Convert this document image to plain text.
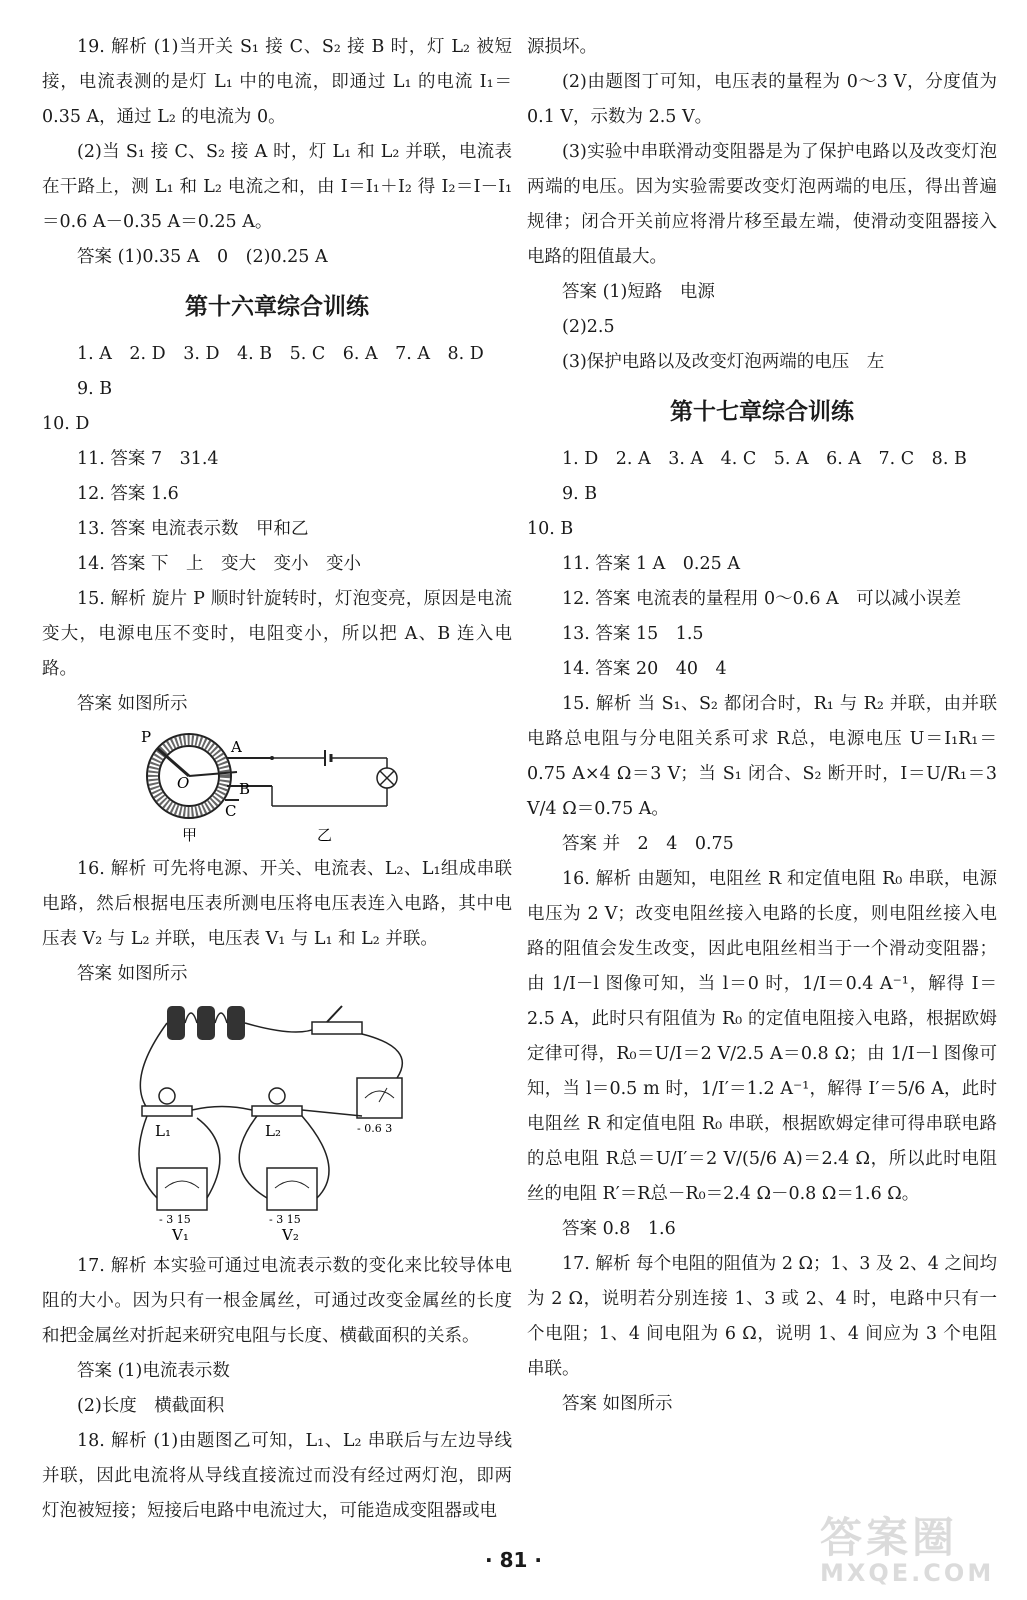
19. 解析 (1)当开关 S₁ 接 C、S₂ 接 B 时，灯 L₂ 被短接，电流表测的是灯 L₁ 中的电流，即通过 L₁ 的电流 I₁＝0.35 A，通过 L₂ 的电流为 0。

(2)当 S₁ 接 C、S₂ 接 A 时，灯 L₁ 和 L₂ 并联，电流表在干路上，测 L₁ 和 L₂ 电流之和，由 I＝I₁＋I₂ 得 I₂＝I－I₁＝0.6 A－0.35 A＝0.25 A。

答案 (1)0.35 A　0　(2)0.25 A

第十六章综合训练

1. A　2. D　3. D　4. B　5. C　6. A　7. A　8. D　9. B

10. D

11. 答案 7　31.4

12. 答案 1.6

13. 答案 电流表示数　甲和乙

14. 答案 下　上　变大　变小　变小

15. 解析 旋片 P 顺时针旋转时，灯泡变亮，原因是电流变大，电源电压不变时，电阻变小，所以把 A、B 连入电路。

答案 如图所示

P
A
O	B
C
甲	乙

16. 解析 可先将电源、开关、电流表、L₂、L₁组成串联电路，然后根据电压表所测电压将电压表连入电路，其中电压表 V₂ 与 L₂ 并联，电压表 V₁ 与 L₁ 和 L₂ 并联。

答案 如图所示

L₁	L₂	- 0.6 3
- 3 15	- 3 15
V₁	V₂

17. 解析 本实验可通过电流表示数的变化来比较导体电阻的大小。因为只有一根金属丝，可通过改变金属丝的长度和把金属丝对折起来研究电阻与长度、横截面积的关系。

答案 (1)电流表示数

(2)长度　横截面积

18. 解析 (1)由题图乙可知，L₁、L₂ 串联后与左边导线并联，因此电流将从导线直接流过而没有经过两灯泡，即两灯泡被短接；短接后电路中电流过大，可能造成变阻器或电

源损坏。

(2)由题图丁可知，电压表的量程为 0～3 V，分度值为 0.1 V，示数为 2.5 V。

(3)实验中串联滑动变阻器是为了保护电路以及改变灯泡两端的电压。因为实验需要改变灯泡两端的电压，得出普遍规律；闭合开关前应将滑片移至最左端，使滑动变阻器接入电路的阻值最大。

答案 (1)短路　电源

(2)2.5

(3)保护电路以及改变灯泡两端的电压　左

第十七章综合训练

1. D　2. A　3. A　4. C　5. A　6. A　7. C　8. B　9. B

10. B

11. 答案 1 A　0.25 A

12. 答案 电流表的量程用 0～0.6 A　可以减小误差

13. 答案 15　1.5

14. 答案 20　40　4

15. 解析 当 S₁、S₂ 都闭合时，R₁ 与 R₂ 并联，由并联电路总电阻与分电阻关系可求 R总，电源电压 U＝I₁R₁＝0.75 A×4 Ω＝3 V；当 S₁ 闭合、S₂ 断开时，I＝U/R₁＝3 V/4 Ω＝0.75 A。

答案 并　2　4　0.75

16. 解析 由题知，电阻丝 R 和定值电阻 R₀ 串联，电源电压为 2 V；改变电阻丝接入电路的长度，则电阻丝接入电路的阻值会发生改变，因此电阻丝相当于一个滑动变阻器；由 1/I－l 图像可知，当 l＝0 时，1/I＝0.4 A⁻¹，解得 I＝2.5 A，此时只有阻值为 R₀ 的定值电阻接入电路，根据欧姆定律可得，R₀＝U/I＝2 V/2.5 A＝0.8 Ω；由 1/I－l 图像可知，当 l＝0.5 m 时，1/I′＝1.2 A⁻¹，解得 I′＝5/6 A，此时电阻丝 R 和定值电阻 R₀ 串联，根据欧姆定律可得串联电路的总电阻 R总＝U/I′＝2 V/(5/6 A)＝2.4 Ω，所以此时电阻丝的电阻 R′＝R总－R₀＝2.4 Ω－0.8 Ω＝1.6 Ω。

答案 0.8　1.6

17. 解析 每个电阻的阻值为 2 Ω；1、3 及 2、4 之间均为 2 Ω，说明若分别连接 1、3 或 2、4 时，电路中只有一个电阻；1、4 间电阻为 6 Ω，说明 1、4 间应为 3 个电阻串联。

答案 如图所示

· 81 ·	答案圈
MXQE.COM
